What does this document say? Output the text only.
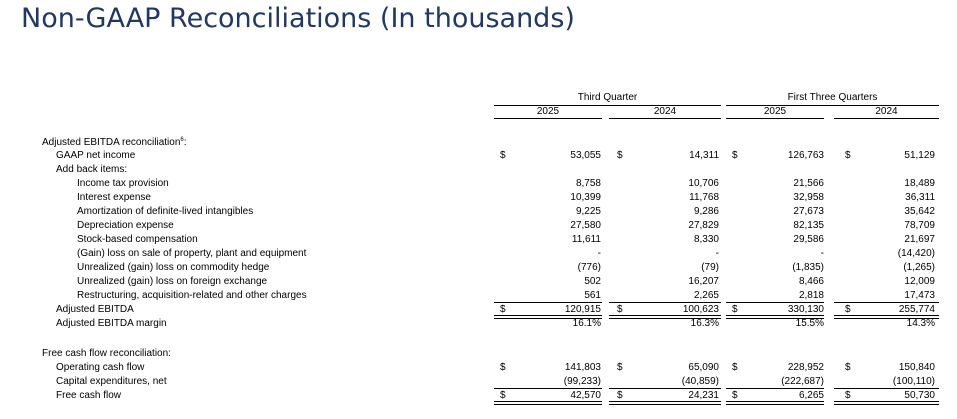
Non-GAAP Reconciliations (In thousands)
Third Quarter	First Three Quarters
2025	2024	2025	2024
Adjusted EBITDA reconciliation$^6$:
GAAP net income	$	53,055 $	14,311 $	126,763 $	51,129
Add back items:
Income tax provision	8,758	10,706	21,566	18,489
Interest expense	10,399	11,768	32,958	36,311
Amortization of definite-lived intangibles	9,225	9,286	27,673	35,642
Depreciation expense	27,580	27,829	82,135	78,709
Stock-based compensation	11,611	8,330	29,586	21,697
(Gain) loss on sale of property, plant and equipment	-	-	-	(14,420)
Unrealized (gain) loss on commodity hedge	(776)	(79)	(1,835)	(1,265)
Unrealized (gain) loss on foreign exchange	502	16,207	8,466	12,009
Restructuring, acquisition-related and other charges	561	2,265	2,818	17,473
Adjusted EBITDA	$	120,915 $	100,623 $	330,130 $	255,774
Adjusted EBITDA margin	16.1%	16.3%	15.5%	14.3%
Free cash flow reconciliation:
Operating cash flow	$	141,803 $	65,090 $	228,952 $	150,840
Capital expenditures, net	(99,233)	(40,859)	(222,687)	(100,110)
Free cash flow	$	42,570 $	24,231 $	6,265 $	50,730
